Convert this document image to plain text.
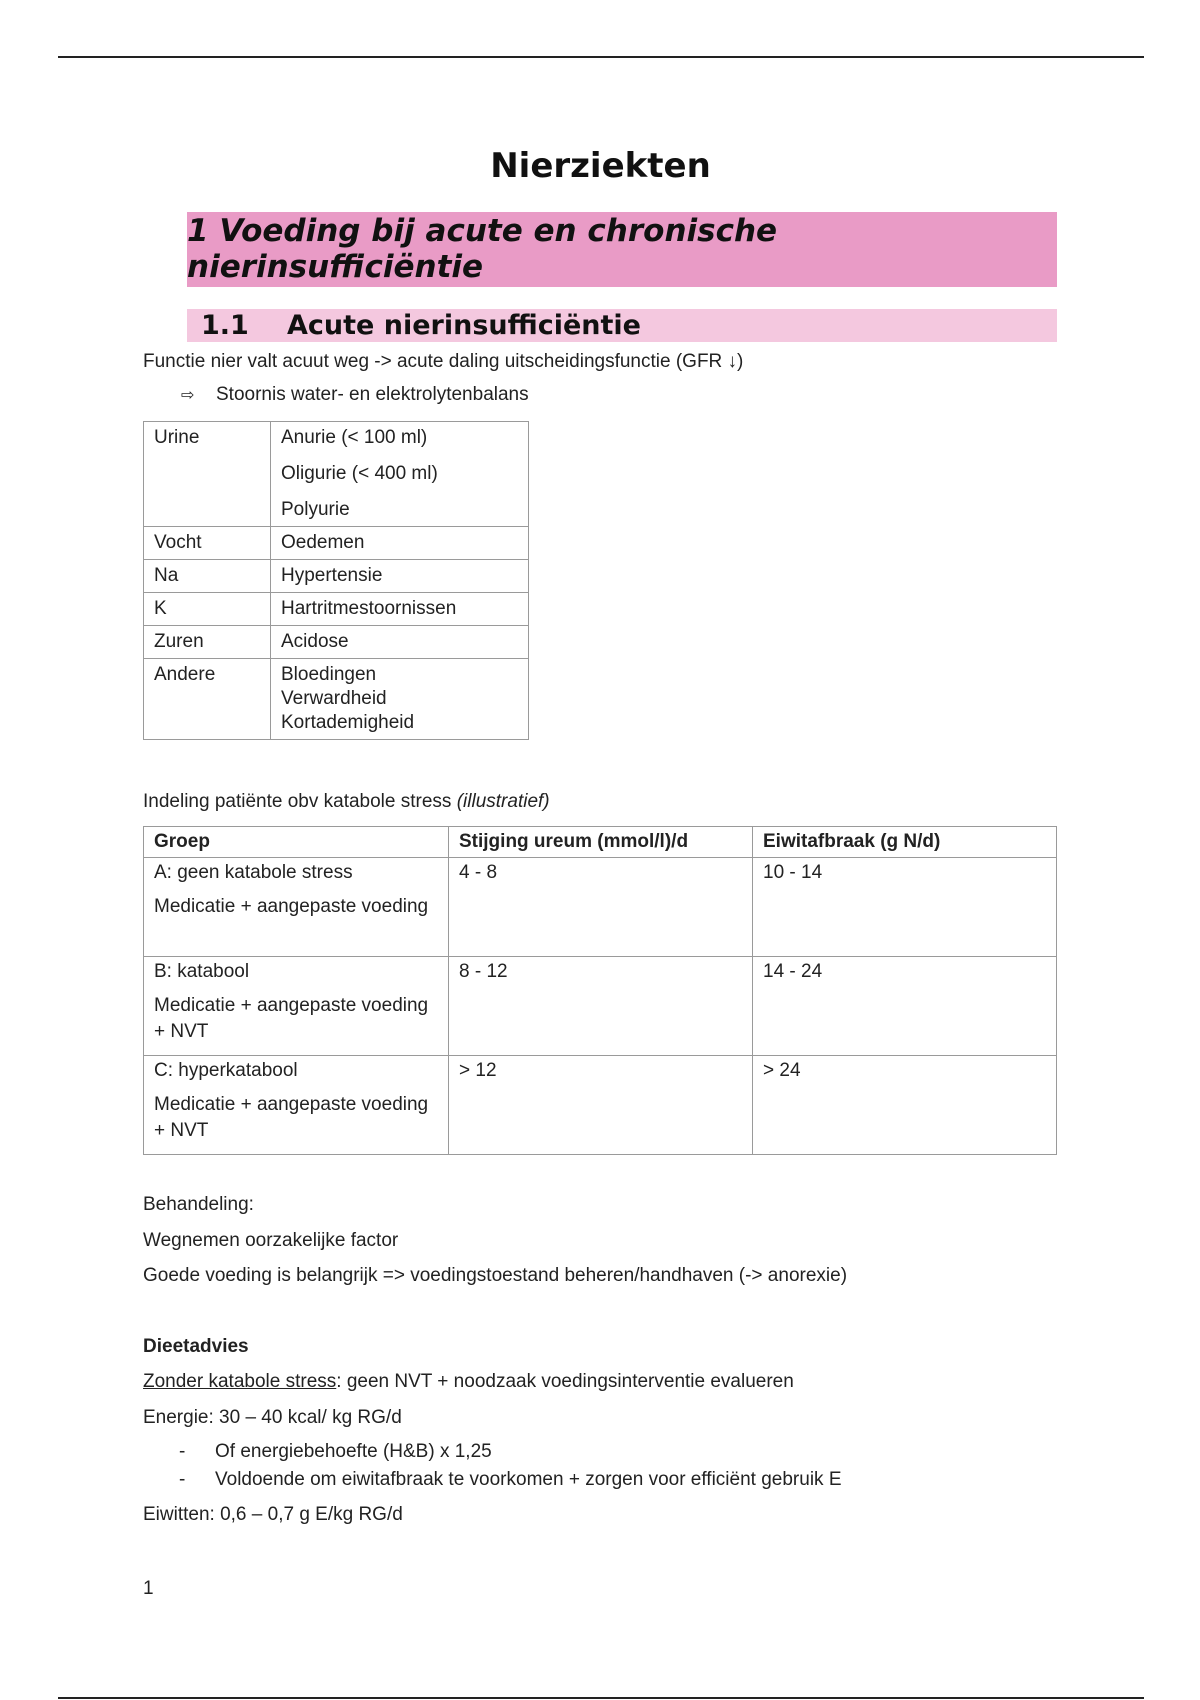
Nierziekten
1 Voeding bij acute en chronische nierinsufficiëntie
1.1 Acute nierinsufficiëntie
Functie nier valt acuut weg -> acute daling uitscheidingsfunctie (GFR ↓)
⇨ Stoornis water- en elektrolytenbalans
Urine	Anurie (< 100 ml)
Oligurie (< 400 ml)
Polyurie

Vocht	Oedemen

Na	Hypertensie

K	Hartritmestoornissen

Zuren	Acidose

Andere	Bloedingen
Verwardheid
Kortademigheid
Indeling patiënte obv katabole stress (illustratief)
Groep	Stijging ureum (mmol/l)/d	Eiwitafbraak (g N/d)

A: geen katabole stress
Medicatie + aangepaste voeding	4 - 8	10 - 14

B: katabool
Medicatie + aangepaste voeding + NVT	8 - 12	14 - 24

C: hyperkatabool
Medicatie + aangepaste voeding + NVT	> 12	> 24
Behandeling:
Wegnemen oorzakelijke factor
Goede voeding is belangrijk => voedingstoestand beheren/handhaven (-> anorexie)
Dieetadvies
Zonder katabole stress: geen NVT + noodzaak voedingsinterventie evalueren
Energie: 30 – 40 kcal/ kg RG/d
- Of energiebehoefte (H&B) x 1,25
- Voldoende om eiwitafbraak te voorkomen + zorgen voor efficiënt gebruik E
Eiwitten: 0,6 – 0,7 g E/kg RG/d
1
